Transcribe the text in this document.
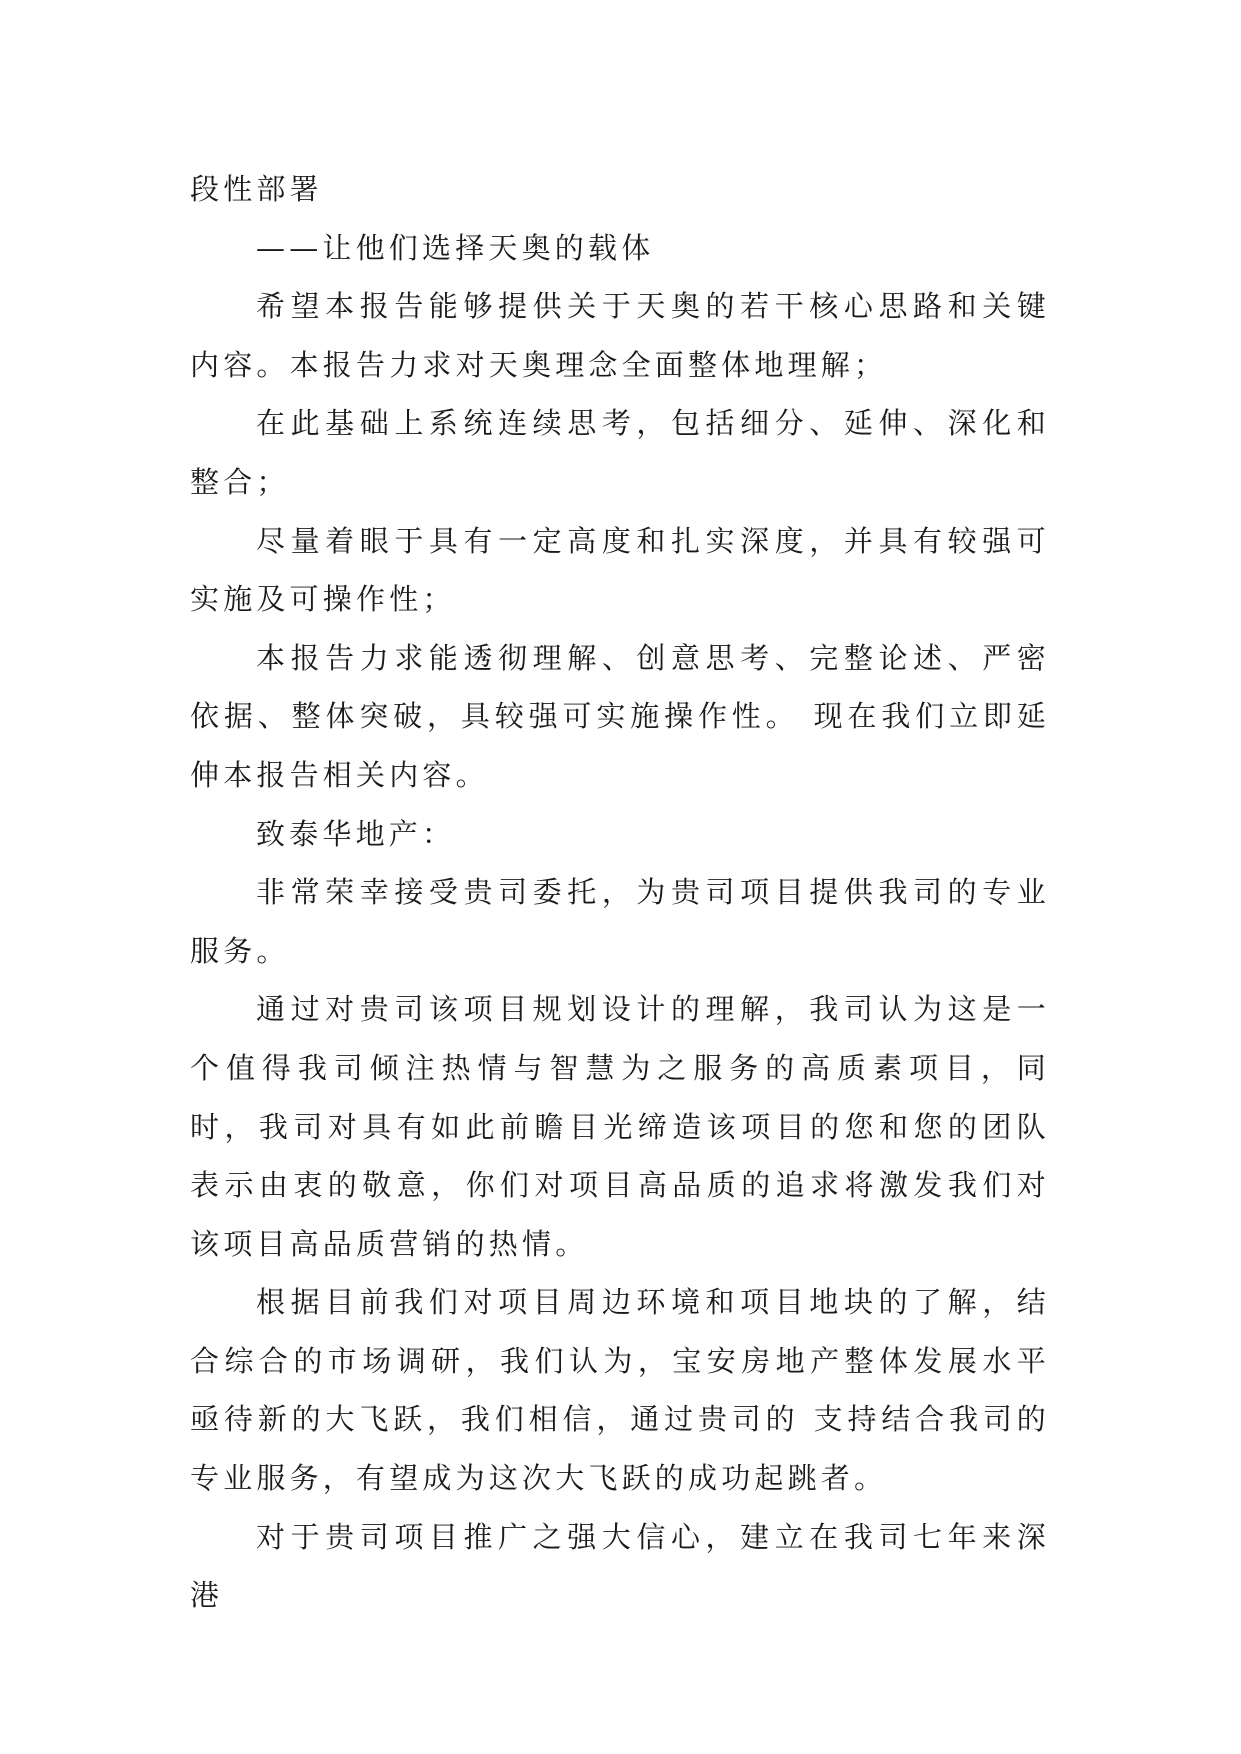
段性部署

——让他们选择天奥的载体

希望本报告能够提供关于天奥的若干核心思路和关键内容。本报告力求对天奥理念全面整体地理解；

在此基础上系统连续思考，包括细分、延伸、深化和整合；

尽量着眼于具有一定高度和扎实深度，并具有较强可实施及可操作性；

本报告力求能透彻理解、创意思考、完整论述、严密依据、整体突破，具较强可实施操作性。 现在我们立即延伸本报告相关内容。

致泰华地产：

非常荣幸接受贵司委托，为贵司项目提供我司的专业服务。

通过对贵司该项目规划设计的理解，我司认为这是一个值得我司倾注热情与智慧为之服务的高质素项目，同时，我司对具有如此前瞻目光缔造该项目的您和您的团队表示由衷的敬意，你们对项目高品质的追求将激发我们对该项目高品质营销的热情。

根据目前我们对项目周边环境和项目地块的了解，结合综合的市场调研，我们认为，宝安房地产整体发展水平亟待新的大飞跃，我们相信，通过贵司的 支持结合我司的专业服务，有望成为这次大飞跃的成功起跳者。

对于贵司项目推广之强大信心，建立在我司七年来深港
